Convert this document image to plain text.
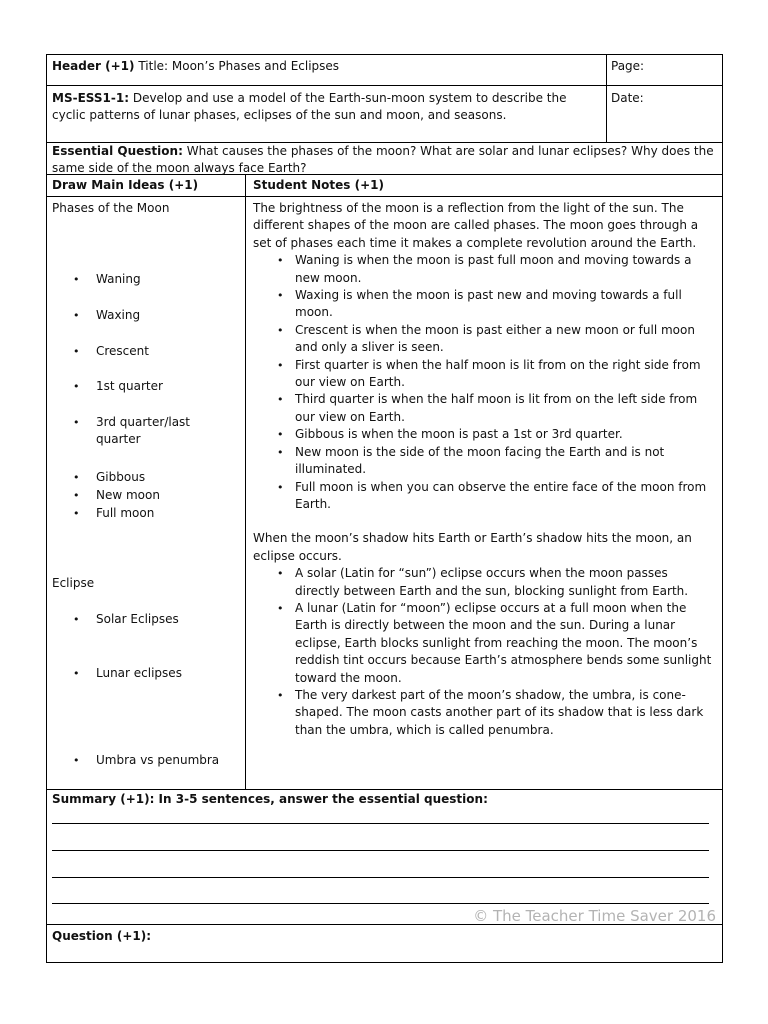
Header (+1) Title: Moon’s Phases and Eclipses	Page:
MS-ESS1-1: Develop and use a model of the Earth-sun-moon system to describe the cyclic patterns of lunar phases, eclipses of the sun and moon, and seasons.
Date:
Essential Question: What causes the phases of the moon? What are solar and lunar eclipses? Why does the same side of the moon always face Earth?
Draw Main Ideas (+1)	Student Notes (+1)
Phases of the Moon
• Waning
• Waxing
• Crescent
• 1st quarter
• 3rd quarter/last quarter
• Gibbous
• New moon
• Full moon
Eclipse
• Solar Eclipses
• Lunar eclipses
• Umbra vs penumbra

The brightness of the moon is a reflection from the light of the sun. The different shapes of the moon are called phases. The moon goes through a set of phases each time it makes a complete revolution around the Earth.

• Waning is when the moon is past full moon and moving towards a new moon.
• Waxing is when the moon is past new and moving towards a full moon.
• Crescent is when the moon is past either a new moon or full moon and only a sliver is seen.
• First quarter is when the half moon is lit from on the right side from our view on Earth.
• Third quarter is when the half moon is lit from on the left side from our view on Earth.
• Gibbous is when the moon is past a 1st or 3rd quarter.
• New moon is the side of the moon facing the Earth and is not illuminated.
• Full moon is when you can observe the entire face of the moon from Earth.

When the moon’s shadow hits Earth or Earth’s shadow hits the moon, an eclipse occurs.

• A solar (Latin for “sun”) eclipse occurs when the moon passes directly between Earth and the sun, blocking sunlight from Earth.
• A lunar (Latin for “moon”) eclipse occurs at a full moon when the Earth is directly between the moon and the sun. During a lunar eclipse, Earth blocks sunlight from reaching the moon. The moon’s reddish tint occurs because Earth’s atmosphere bends some sunlight toward the moon.
• The very darkest part of the moon’s shadow, the umbra, is cone-shaped. The moon casts another part of its shadow that is less dark than the umbra, which is called penumbra.
Summary (+1): In 3-5 sentences, answer the essential question:
© The Teacher Time Saver 2016
Question (+1):
